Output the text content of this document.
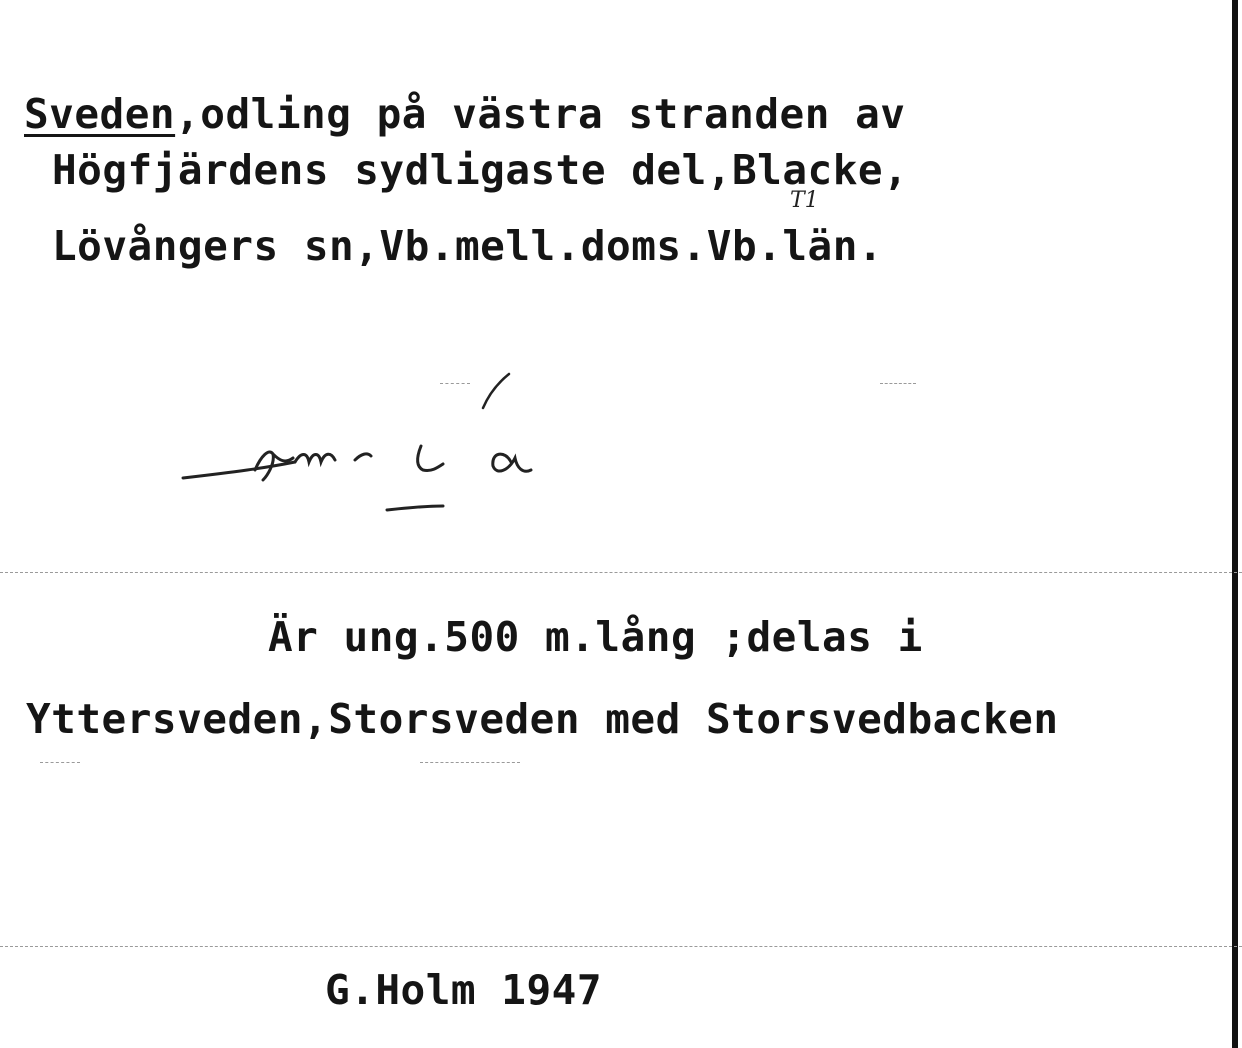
Sveden,odling på västra stranden av

Högfjärdens sydligaste del,Blacke,

Lövångers sn,Vb.mell.doms.Vb.län.

T1

Är ung.500 m.lång ;delas i

Yttersveden,Storsveden med Storsvedbacken

G.Holm 1947
